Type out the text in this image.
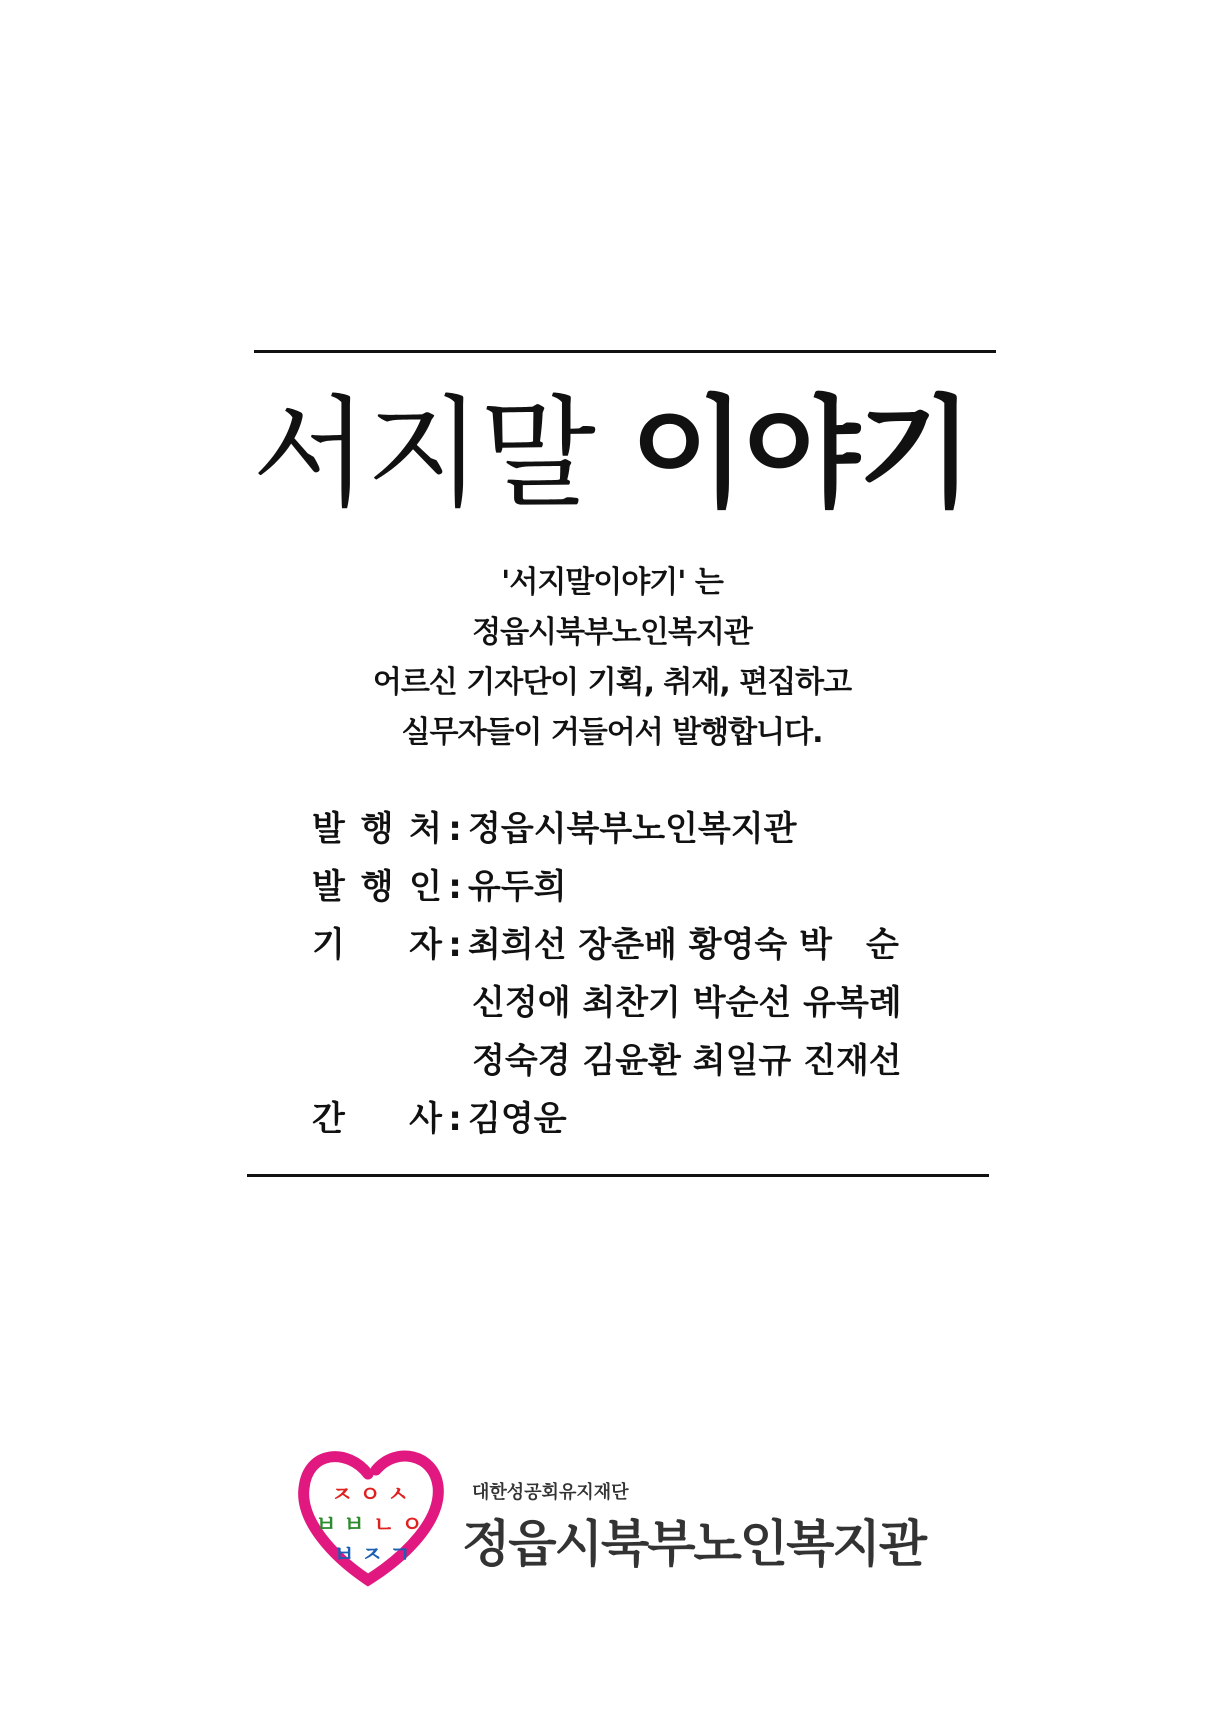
서지말 이야기
'서지말이야기' 는
정읍시북부노인복지관
어르신 기자단이 기획, 취재, 편집하고
실무자들이 거들어서 발행합니다.
발 행 처 : 정읍시북부노인복지관
발 행 인 : 유두희
기 자 : 최희선 장춘배 황영숙 박　순
신정애 최찬기 박순선 유복례
정숙경 김윤환 최일규 진재선
간 사 : 김영운
ㅈ ㅇ ㅅ
ㅂ ㅂ ㄴ ㅇ
ㅂ ㅈ ㄱ
대한성공회유지재단
정읍시북부노인복지관
